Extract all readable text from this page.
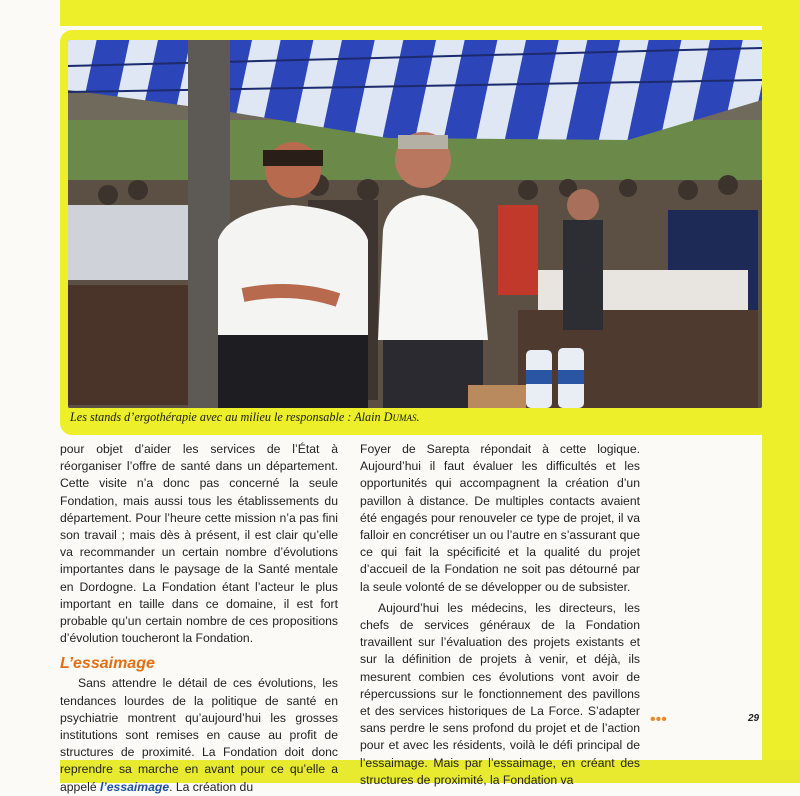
Les stands d’ergothérapie avec au milieu le responsable : Alain Dumas.

pour objet d’aider les services de l’État à réorganiser l’offre de santé dans un département. Cette visite n’a donc pas concerné la seule Fondation, mais aussi tous les établissements du département. Pour l’heure cette mission n’a pas fini son travail ; mais dès à présent, il est clair qu’elle va recommander un certain nombre d’évolutions importantes dans le paysage de la Santé mentale en Dordogne. La Fondation étant l’acteur le plus important en taille dans ce domaine, il est fort probable qu’un certain nombre de ces propositions d’évolution toucheront la Fondation.

L’essaimage

Sans attendre le détail de ces évolutions, les tendances lourdes de la politique de santé en psychiatrie montrent qu’aujourd’hui les grosses institutions sont remises en cause au profit de structures de proximité. La Fondation doit donc reprendre sa marche en avant pour ce qu’elle a appelé l’essaimage. La création du

Foyer de Sarepta répondait à cette logique. Aujourd’hui il faut évaluer les difficultés et les opportunités qui accompagnent la création d’un pavillon à distance. De multiples contacts avaient été engagés pour renouveler ce type de projet, il va falloir en concrétiser un ou l’autre en s’assurant que ce qui fait la spécificité et la qualité du projet d’accueil de la Fondation ne soit pas détourné par la seule volonté de se développer ou de subsister.

Aujourd’hui les médecins, les directeurs, les chefs de services généraux de la Fondation travaillent sur l’évaluation des projets existants et sur la définition de projets à venir, et déjà, ils mesurent combien ces évolutions vont avoir de répercussions sur le fonctionnement des pavillons et des services historiques de La Force. S’adapter sans perdre le sens profond du projet et de l’action pour et avec les résidents, voilà le défi principal de l’essaimage. Mais par l’essaimage, en créant des structures de proximité, la Fondation va

•••	29
